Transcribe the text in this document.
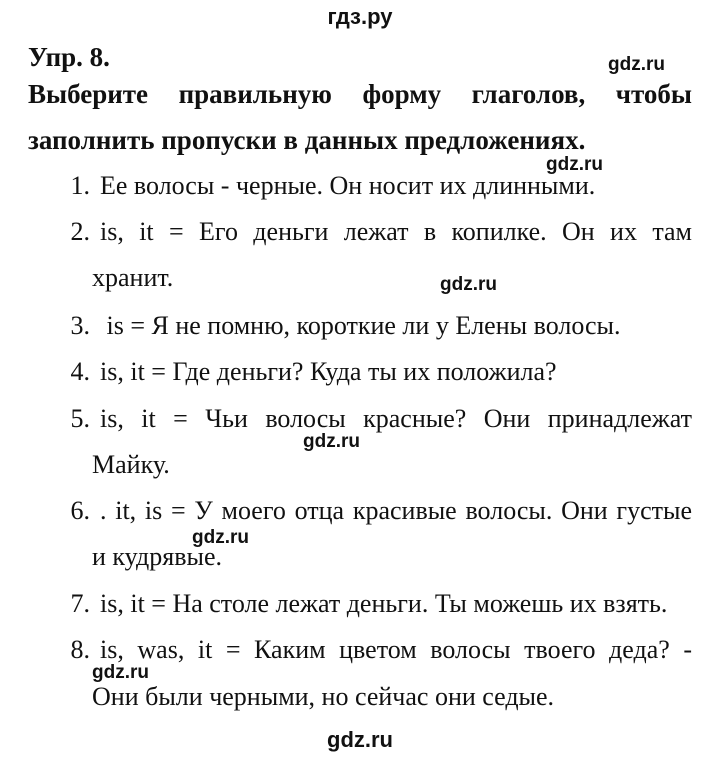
гдз.ру
Упр. 8.	gdz.ru
Выберите правильную форму глаголов, чтобы
заполнить пропуски в данных предложениях.
gdz.ru
1. Ее волосы - черные. Он носит их длинными.
2. is, it = Его деньги лежат в копилке. Он их там
хранит.	gdz.ru
3. is = Я не помню, короткие ли у Елены волосы.
4. is, it = Где деньги? Куда ты их положила?
5. is, it = Чьи волосы красные? Они принадлежат
gdz.ru
Майку.
6. . it, is = У моего отца красивые волосы. Они густые
gdz.ru
и кудрявые.
7. is, it = На столе лежат деньги. Ты можешь их взять.
8. is, was, it = Каким цветом волосы твоего деда? -
gdz.ru
Они были черными, но сейчас они седые.
gdz.ru
